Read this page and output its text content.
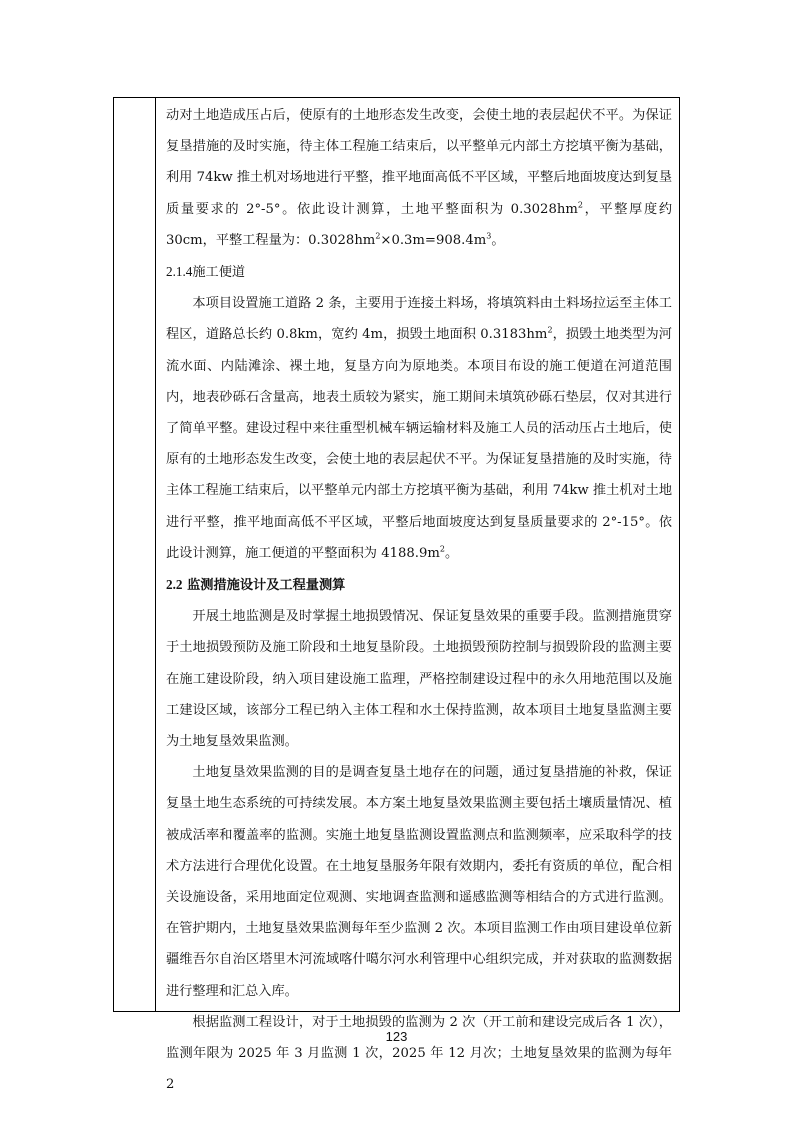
动对土地造成压占后，使原有的土地形态发生改变，会使土地的表层起伏不平。为保证复垦措施的及时实施，待主体工程施工结束后，以平整单元内部土方挖填平衡为基础，利用 74kw 推土机对场地进行平整，推平地面高低不平区域，平整后地面坡度达到复垦质量要求的 2°-5°。依此设计测算，土地平整面积为 $0.3028hm^2$，平整厚度约 30cm，平整工程量为：$0.3028hm^2\times 0.3m=908.4m^3$。

2.1.4施工便道

本项目设置施工道路 2 条，主要用于连接土料场，将填筑料由土料场拉运至主体工程区，道路总长约 0.8km，宽约 4m，损毁土地面积 $0.3183hm^2$，损毁土地类型为河流水面、内陆滩涂、裸土地，复垦方向为原地类。本项目布设的施工便道在河道范围内，地表砂砾石含量高，地表土质较为紧实，施工期间未填筑砂砾石垫层，仅对其进行了简单平整。建设过程中来往重型机械车辆运输材料及施工人员的活动压占土地后，使原有的土地形态发生改变，会使土地的表层起伏不平。为保证复垦措施的及时实施，待主体工程施工结束后，以平整单元内部土方挖填平衡为基础，利用 74kw 推土机对土地进行平整，推平地面高低不平区域，平整后地面坡度达到复垦质量要求的 2°-15°。依此设计测算，施工便道的平整面积为 $4188.9m^2$。

2.2 监测措施设计及工程量测算

开展土地监测是及时掌握土地损毁情况、保证复垦效果的重要手段。监测措施贯穿于土地损毁预防及施工阶段和土地复垦阶段。土地损毁预防控制与损毁阶段的监测主要在施工建设阶段，纳入项目建设施工监理，严格控制建设过程中的永久用地范围以及施工建设区域，该部分工程已纳入主体工程和水土保持监测，故本项目土地复垦监测主要为土地复垦效果监测。

土地复垦效果监测的目的是调查复垦土地存在的问题，通过复垦措施的补救，保证复垦土地生态系统的可持续发展。本方案土地复垦效果监测主要包括土壤质量情况、植被成活率和覆盖率的监测。实施土地复垦监测设置监测点和监测频率，应采取科学的技术方法进行合理优化设置。在土地复垦服务年限有效期内，委托有资质的单位，配合相关设施设备，采用地面定位观测、实地调查监测和遥感监测等相结合的方式进行监测。在管护期内，土地复垦效果监测每年至少监测 2 次。本项目监测工作由项目建设单位新疆维吾尔自治区塔里木河流域喀什噶尔河水利管理中心组织完成，并对获取的监测数据进行整理和汇总入库。

根据监测工程设计，对于土地损毁的监测为 2 次（开工前和建设完成后各 1 次），监测年限为 2025 年 3 月监测 1 次，2025 年 12 月次；土地复垦效果的监测为每年 2

123
